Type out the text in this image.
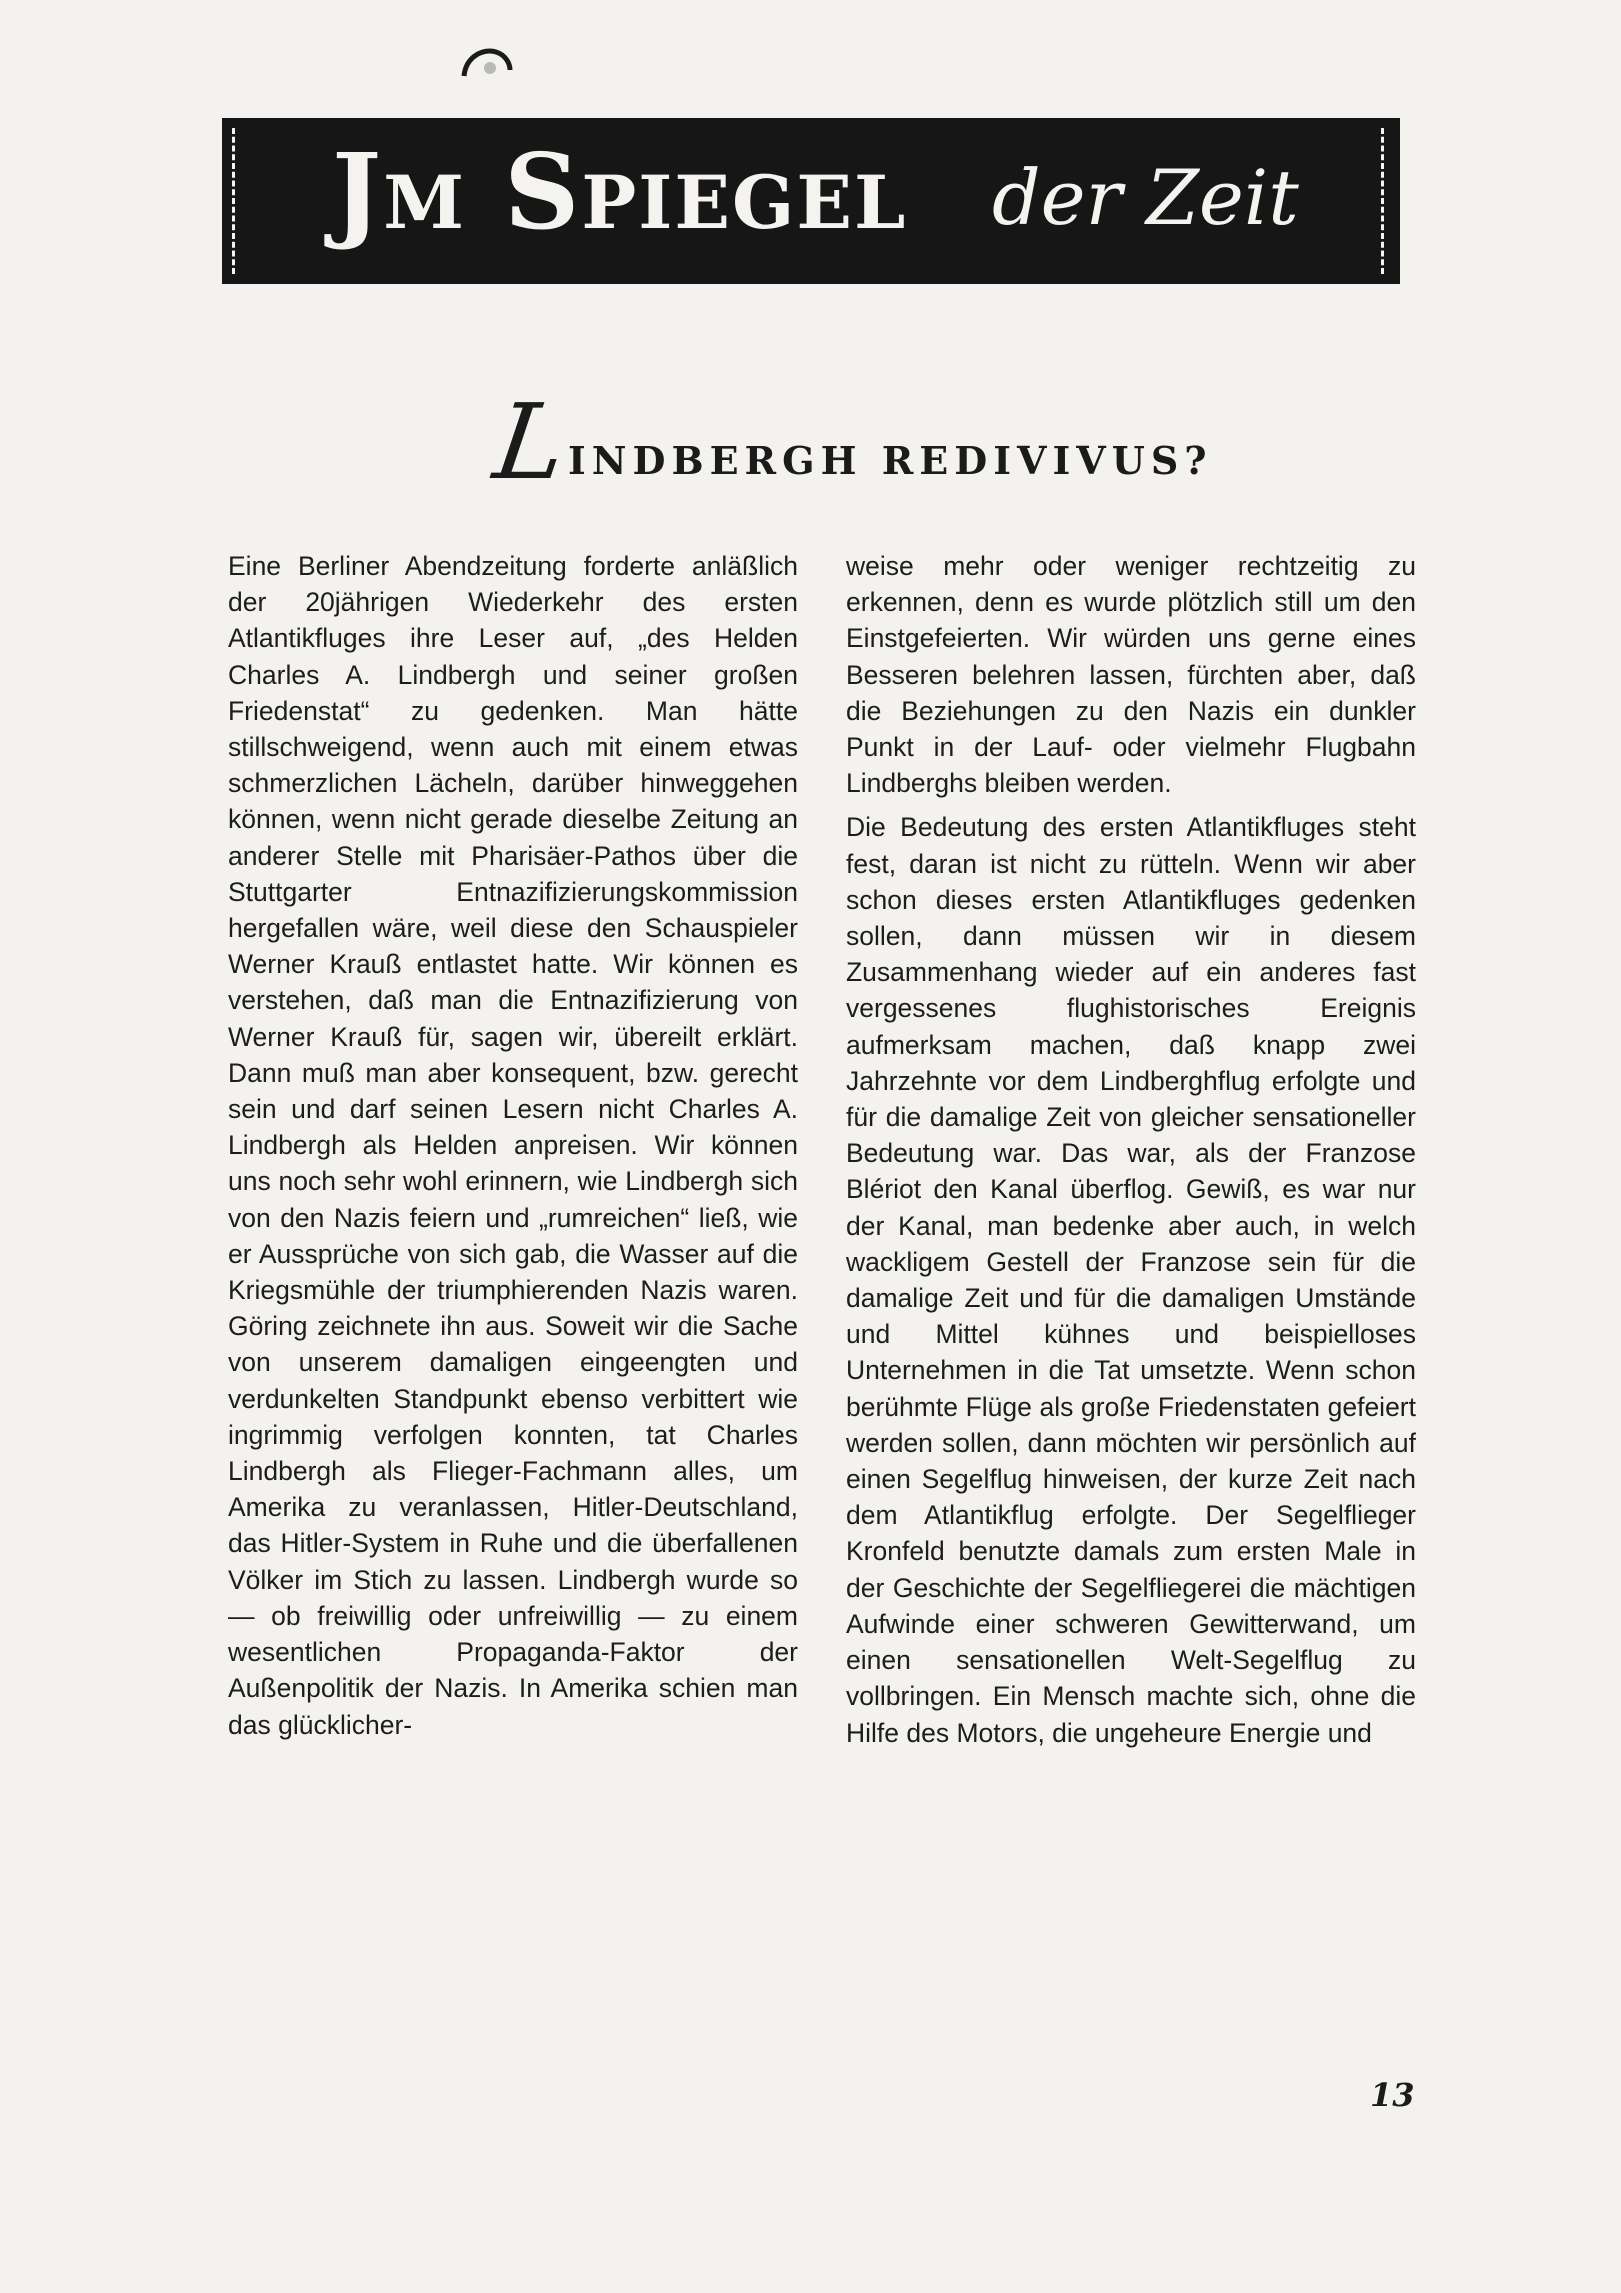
Jm Spiegel der Zeit
L
INDBERGH REDIVIVUS?

Eine Berliner Abendzeitung forderte anläßlich der 20jährigen Wiederkehr des ersten Atlantikfluges ihre Leser auf, „des Helden Charles A. Lindbergh und seiner großen Friedenstat“ zu gedenken. Man hätte stillschweigend, wenn auch mit einem etwas schmerzlichen Lächeln, darüber hinweggehen können, wenn nicht gerade dieselbe Zeitung an anderer Stelle mit Pharisäer-Pathos über die Stuttgarter Entnazifizierungskommission hergefallen wäre, weil diese den Schauspieler Werner Krauß entlastet hatte. Wir können es verstehen, daß man die Entnazifizierung von Werner Krauß für, sagen wir, übereilt erklärt. Dann muß man aber konsequent, bzw. gerecht sein und darf seinen Lesern nicht Charles A. Lindbergh als Helden anpreisen. Wir können uns noch sehr wohl erinnern, wie Lindbergh sich von den Nazis feiern und „rumreichen“ ließ, wie er Aussprüche von sich gab, die Wasser auf die Kriegsmühle der triumphierenden Nazis waren. Göring zeichnete ihn aus. Soweit wir die Sache von unserem damaligen eingeengten und verdunkelten Standpunkt ebenso verbittert wie ingrimmig verfolgen konnten, tat Charles Lindbergh als Flieger-Fachmann alles, um Amerika zu veranlassen, Hitler-Deutschland, das Hitler-System in Ruhe und die überfallenen Völker im Stich zu lassen. Lindbergh wurde so — ob freiwillig oder unfreiwillig — zu einem wesentlichen Propaganda-Faktor der Außenpolitik der Nazis. In Amerika schien man das glücklicher-

weise mehr oder weniger rechtzeitig zu erkennen, denn es wurde plötzlich still um den Einstgefeierten. Wir würden uns gerne eines Besseren belehren lassen, fürchten aber, daß die Beziehungen zu den Nazis ein dunkler Punkt in der Lauf- oder vielmehr Flugbahn Lindberghs bleiben werden.

Die Bedeutung des ersten Atlantikfluges steht fest, daran ist nicht zu rütteln. Wenn wir aber schon dieses ersten Atlantikfluges gedenken sollen, dann müssen wir in diesem Zusammenhang wieder auf ein anderes fast vergessenes flughistorisches Ereignis aufmerksam machen, daß knapp zwei Jahrzehnte vor dem Lindberghflug erfolgte und für die damalige Zeit von gleicher sensationeller Bedeutung war. Das war, als der Franzose Blériot den Kanal überflog. Gewiß, es war nur der Kanal, man bedenke aber auch, in welch wackligem Gestell der Franzose sein für die damalige Zeit und für die damaligen Umstände und Mittel kühnes und beispielloses Unternehmen in die Tat umsetzte. Wenn schon berühmte Flüge als große Friedenstaten gefeiert werden sollen, dann möchten wir persönlich auf einen Segelflug hinweisen, der kurze Zeit nach dem Atlantikflug erfolgte. Der Segelflieger Kronfeld benutzte damals zum ersten Male in der Geschichte der Segelfliegerei die mächtigen Aufwinde einer schweren Gewitterwand, um einen sensationellen Welt-Segelflug zu vollbringen. Ein Mensch machte sich, ohne die Hilfe des Motors, die ungeheure Energie und

13
